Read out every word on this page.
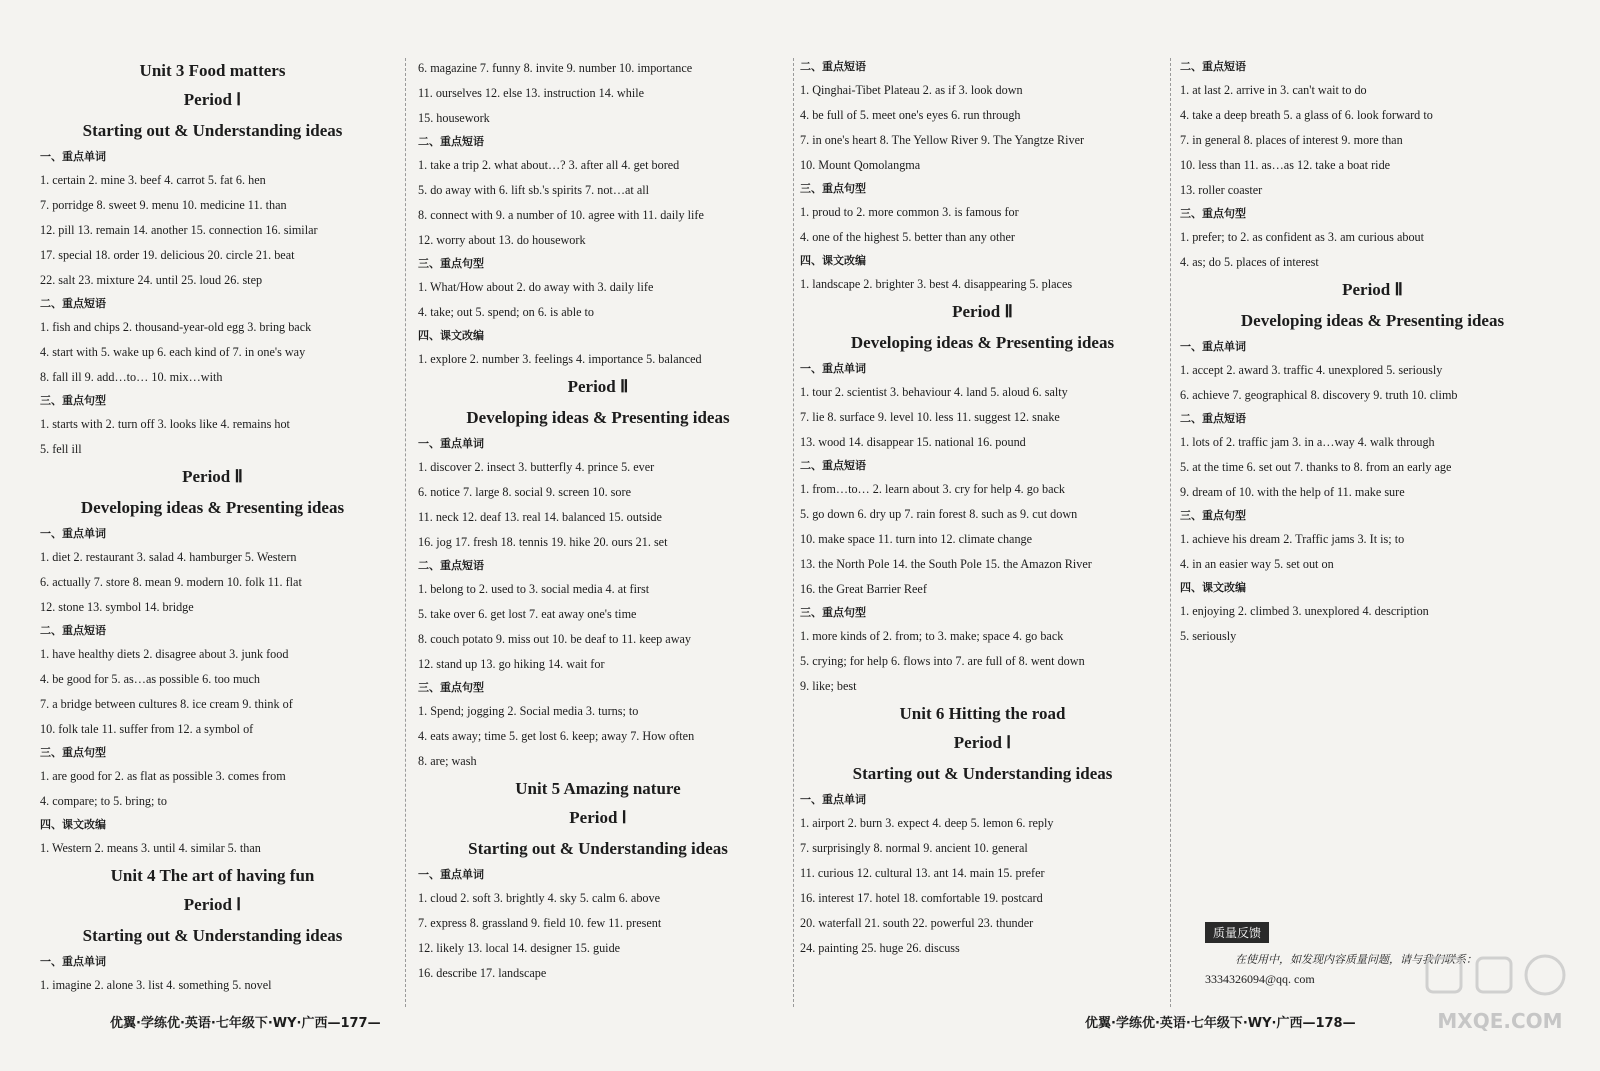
Unit 3 Food matters
Period Ⅰ
Starting out & Understanding ideas
一、重点单词
1. certain 2. mine 3. beef 4. carrot 5. fat 6. hen
7. porridge 8. sweet 9. menu 10. medicine 11. than
12. pill 13. remain 14. another 15. connection 16. similar
17. special 18. order 19. delicious 20. circle 21. beat
22. salt 23. mixture 24. until 25. loud 26. step
二、重点短语
1. fish and chips 2. thousand-year-old egg 3. bring back
4. start with 5. wake up 6. each kind of 7. in one's way
8. fall ill 9. add…to… 10. mix…with
三、重点句型
1. starts with 2. turn off 3. looks like 4. remains hot
5. fell ill
Period Ⅱ
Developing ideas & Presenting ideas
一、重点单词
1. diet 2. restaurant 3. salad 4. hamburger 5. Western
6. actually 7. store 8. mean 9. modern 10. folk 11. flat
12. stone 13. symbol 14. bridge
二、重点短语
1. have healthy diets 2. disagree about 3. junk food
4. be good for 5. as…as possible 6. too much
7. a bridge between cultures 8. ice cream 9. think of
10. folk tale 11. suffer from 12. a symbol of
三、重点句型
1. are good for 2. as flat as possible 3. comes from
4. compare; to 5. bring; to
四、课文改编
1. Western 2. means 3. until 4. similar 5. than
Unit 4 The art of having fun
Period Ⅰ
Starting out & Understanding ideas
一、重点单词
1. imagine 2. alone 3. list 4. something 5. novel
6. magazine 7. funny 8. invite 9. number 10. importance
11. ourselves 12. else 13. instruction 14. while
15. housework
二、重点短语
1. take a trip 2. what about…? 3. after all 4. get bored
5. do away with 6. lift sb.'s spirits 7. not…at all
8. connect with 9. a number of 10. agree with 11. daily life
12. worry about 13. do housework
三、重点句型
1. What/How about 2. do away with 3. daily life
4. take; out 5. spend; on 6. is able to
四、课文改编
1. explore 2. number 3. feelings 4. importance 5. balanced
Period Ⅱ
Developing ideas & Presenting ideas
一、重点单词
1. discover 2. insect 3. butterfly 4. prince 5. ever
6. notice 7. large 8. social 9. screen 10. sore
11. neck 12. deaf 13. real 14. balanced 15. outside
16. jog 17. fresh 18. tennis 19. hike 20. ours 21. set
二、重点短语
1. belong to 2. used to 3. social media 4. at first
5. take over 6. get lost 7. eat away one's time
8. couch potato 9. miss out 10. be deaf to 11. keep away
12. stand up 13. go hiking 14. wait for
三、重点句型
1. Spend; jogging 2. Social media 3. turns; to
4. eats away; time 5. get lost 6. keep; away 7. How often
8. are; wash
Unit 5 Amazing nature
Period Ⅰ
Starting out & Understanding ideas
一、重点单词
1. cloud 2. soft 3. brightly 4. sky 5. calm 6. above
7. express 8. grassland 9. field 10. few 11. present
12. likely 13. local 14. designer 15. guide
16. describe 17. landscape
优翼·学练优·英语·七年级下·WY·广西—177—
二、重点短语
1. Qinghai-Tibet Plateau 2. as if 3. look down
4. be full of 5. meet one's eyes 6. run through
7. in one's heart 8. The Yellow River 9. The Yangtze River
10. Mount Qomolangma
三、重点句型
1. proud to 2. more common 3. is famous for
4. one of the highest 5. better than any other
四、课文改编
1. landscape 2. brighter 3. best 4. disappearing 5. places
Period Ⅱ
Developing ideas & Presenting ideas
一、重点单词
1. tour 2. scientist 3. behaviour 4. land 5. aloud 6. salty
7. lie 8. surface 9. level 10. less 11. suggest 12. snake
13. wood 14. disappear 15. national 16. pound
二、重点短语
1. from…to… 2. learn about 3. cry for help 4. go back
5. go down 6. dry up 7. rain forest 8. such as 9. cut down
10. make space 11. turn into 12. climate change
13. the North Pole 14. the South Pole 15. the Amazon River
16. the Great Barrier Reef
三、重点句型
1. more kinds of 2. from; to 3. make; space 4. go back
5. crying; for help 6. flows into 7. are full of 8. went down
9. like; best
Unit 6 Hitting the road
Period Ⅰ
Starting out & Understanding ideas
一、重点单词
1. airport 2. burn 3. expect 4. deep 5. lemon 6. reply
7. surprisingly 8. normal 9. ancient 10. general
11. curious 12. cultural 13. ant 14. main 15. prefer
16. interest 17. hotel 18. comfortable 19. postcard
20. waterfall 21. south 22. powerful 23. thunder
24. painting 25. huge 26. discuss
二、重点短语
1. at last 2. arrive in 3. can't wait to do
4. take a deep breath 5. a glass of 6. look forward to
7. in general 8. places of interest 9. more than
10. less than 11. as…as 12. take a boat ride
13. roller coaster
三、重点句型
1. prefer; to 2. as confident as 3. am curious about
4. as; do 5. places of interest
Period Ⅱ
Developing ideas & Presenting ideas
一、重点单词
1. accept 2. award 3. traffic 4. unexplored 5. seriously
6. achieve 7. geographical 8. discovery 9. truth 10. climb
二、重点短语
1. lots of 2. traffic jam 3. in a…way 4. walk through
5. at the time 6. set out 7. thanks to 8. from an early age
9. dream of 10. with the help of 11. make sure
三、重点句型
1. achieve his dream 2. Traffic jams 3. It is; to
4. in an easier way 5. set out on
四、课文改编
1. enjoying 2. climbed 3. unexplored 4. description
5. seriously
质量反馈
在使用中，如发现内容质量问题，请与我们联系：
3334326094@qq. com
MXQE.COM
优翼·学练优·英语·七年级下·WY·广西—178—
